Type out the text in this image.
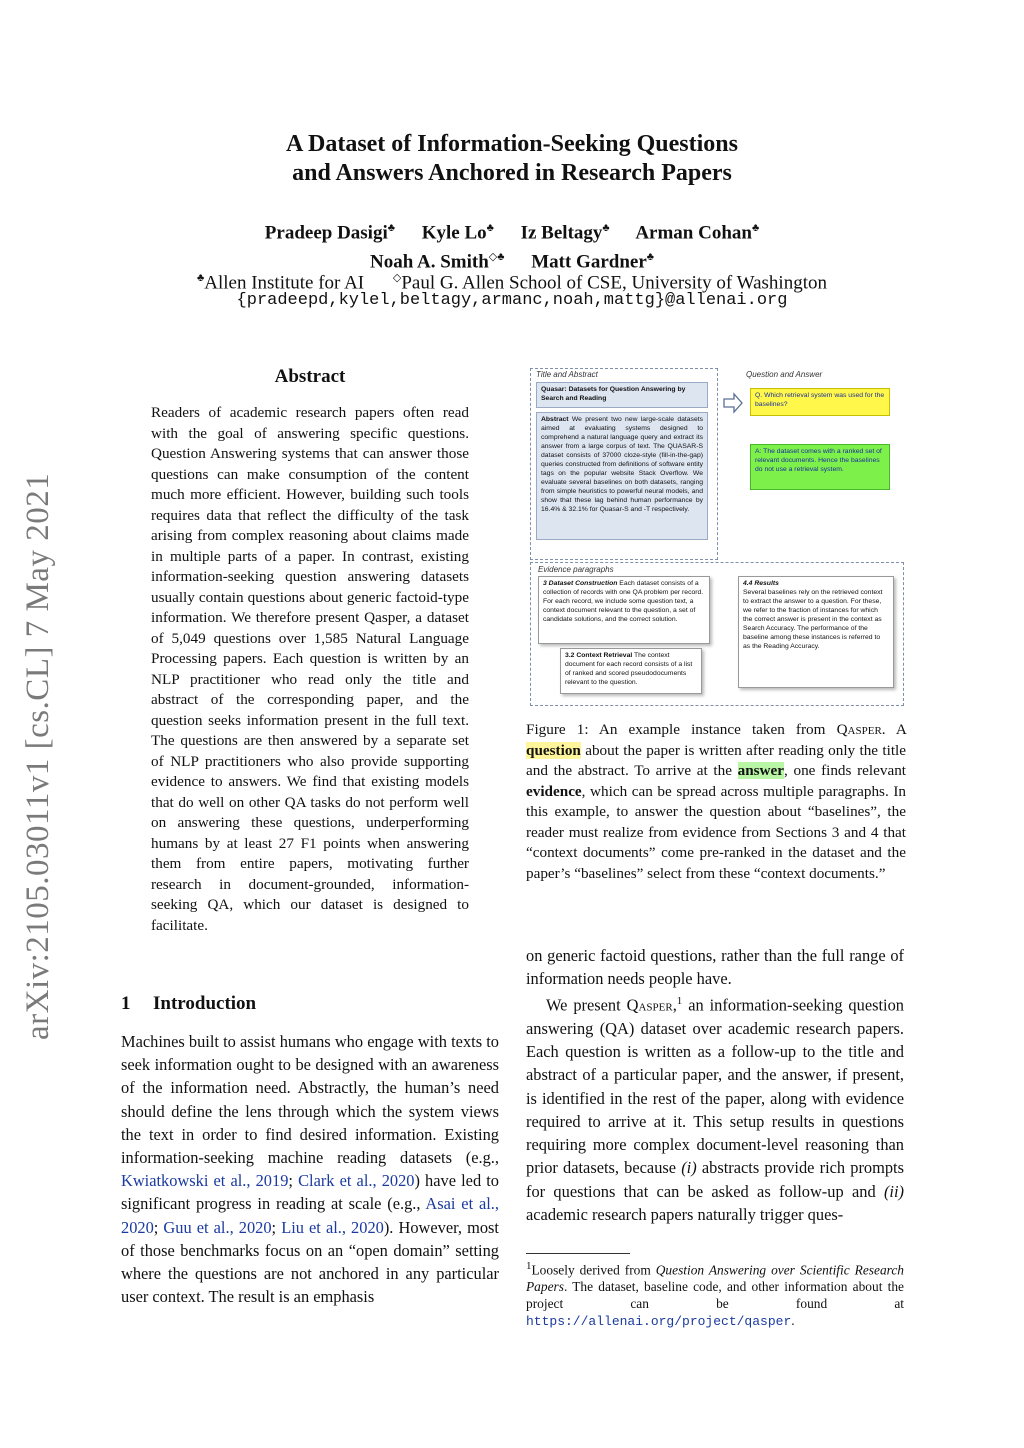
arXiv:2105.03011v1 [cs.CL] 7 May 2021
A Dataset of Information-Seeking Questions
and Answers Anchored in Research Papers
Pradeep Dasigi♣ Kyle Lo♣ Iz Beltagy♣ Arman Cohan♣
Noah A. Smith◇♣ Matt Gardner♣
♣Allen Institute for AI	◇Paul G. Allen School of CSE, University of Washington
{pradeepd,kylel,beltagy,armanc,noah,mattg}@allenai.org
Abstract
Readers of academic research papers often read with the goal of answering specific questions. Question Answering systems that can answer those questions can make consumption of the content much more efficient. However, building such tools requires data that reflect the difficulty of the task arising from complex reasoning about claims made in multiple parts of a paper. In contrast, existing information-seeking question answering datasets usually contain questions about generic factoid-type information. We therefore present Qasper, a dataset of 5,049 questions over 1,585 Natural Language Processing papers. Each question is written by an NLP practitioner who read only the title and abstract of the corresponding paper, and the question seeks information present in the full text. The questions are then answered by a separate set of NLP practitioners who also provide supporting evidence to answers. We find that existing models that do well on other QA tasks do not perform well on answering these questions, underperforming humans by at least 27 F1 points when answering them from entire papers, motivating further research in document-grounded, information-seeking QA, which our dataset is designed to facilitate.
1 Introduction
Machines built to assist humans who engage with texts to seek information ought to be designed with an awareness of the information need. Abstractly, the human’s need should define the lens through which the system views the text in order to find desired information. Existing information-seeking machine reading datasets (e.g., Kwiatkowski et al., 2019; Clark et al., 2020) have led to significant progress in reading at scale (e.g., Asai et al., 2020; Guu et al., 2020; Liu et al., 2020). However, most of those benchmarks focus on an “open domain” setting where the questions are not anchored in any particular user context. The result is an emphasis
Title and Abstract	Question and Answer
Evidence paragraphs
Quasar: Datasets for Question Answering by Search and Reading
Abstract We present two new large-scale datasets aimed at evaluating systems designed to comprehend a natural language query and extract its answer from a large corpus of text. The QUASAR-S dataset consists of 37000 cloze-style (fill-in-the-gap) queries constructed from definitions of software entity tags on the popular website Stack Overflow. We evaluate several baselines on both datasets, ranging from simple heuristics to powerful neural models, and show that these lag behind human performance by 16.4% & 32.1% for Quasar-S and -T respectively.
Q. Which retrieval system was used for the baselines?
A: The dataset comes with a ranked set of relevant documents. Hence the baselines do not use a retrieval system.
3 Dataset Construction Each dataset consists of a collection of records with one QA problem per record. For each record, we include some question text, a context document relevant to the question, a set of candidate solutions, and the correct solution.
3.2 Context Retrieval The context document for each record consists of a list of ranked and scored pseudodocuments relevant to the question.
4.4 Results
Several baselines rely on the retrieved context to extract the answer to a question. For these, we refer to the fraction of instances for which the correct answer is present in the context as Search Accuracy. The performance of the baseline among these instances is referred to as the Reading Accuracy.
Figure 1: An example instance taken from Qasper. A question about the paper is written after reading only the title and the abstract. To arrive at the answer, one finds relevant evidence, which can be spread across multiple paragraphs. In this example, to answer the question about “baselines”, the reader must realize from evidence from Sections 3 and 4 that “context documents” come pre-ranked in the dataset and the paper’s “baselines” select from these “context documents.”

on generic factoid questions, rather than the full range of information needs people have.

We present Qasper,$^1$ an information-seeking question answering (QA) dataset over academic research papers. Each question is written as a follow-up to the title and abstract of a particular paper, and the answer, if present, is identified in the rest of the paper, along with evidence required to arrive at it. This setup results in questions requiring more complex document-level reasoning than prior datasets, because (i) abstracts provide rich prompts for questions that can be asked as follow-up and (ii) academic research papers naturally trigger ques-

$^1$Loosely derived from Question Answering over Scientific Research Papers. The dataset, baseline code, and other information about the project can be found at https://allenai.org/project/qasper.
